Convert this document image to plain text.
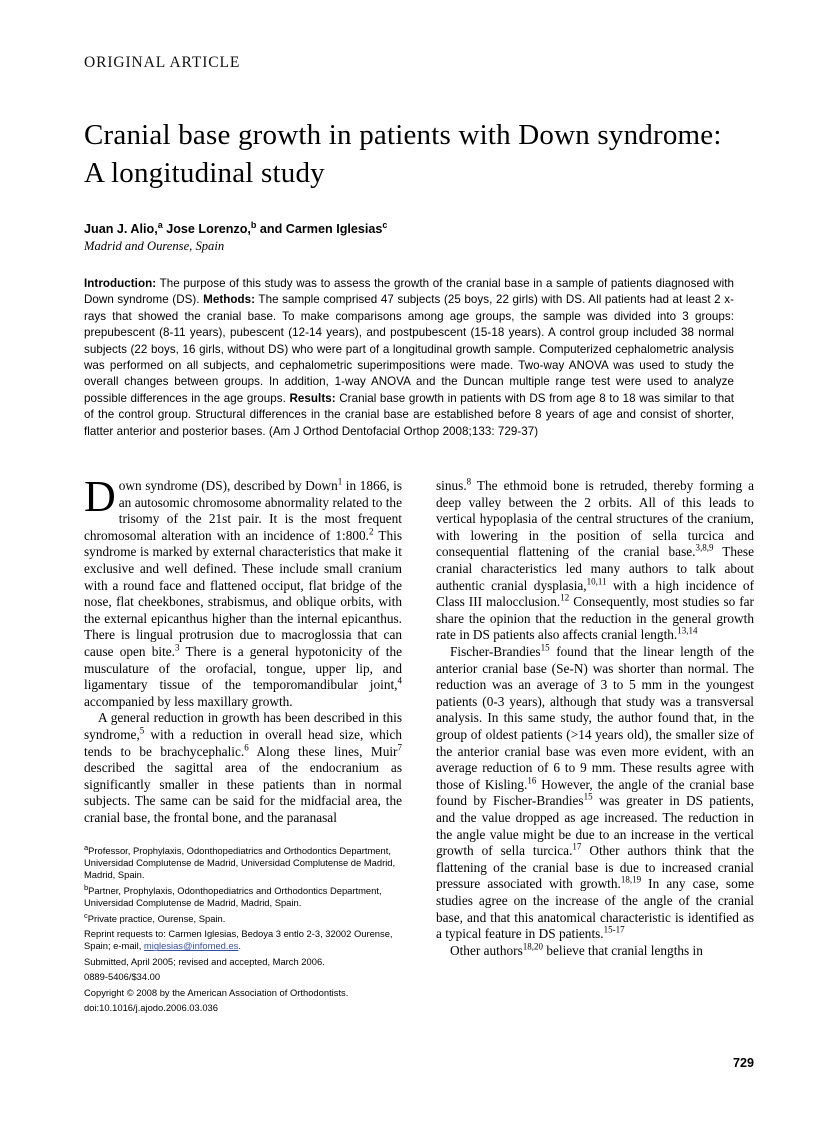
ORIGINAL ARTICLE
Cranial base growth in patients with Down syndrome: A longitudinal study
Juan J. Alio,$^a$ Jose Lorenzo,$^b$ and Carmen Iglesias$^c$
Madrid and Ourense, Spain
Introduction: The purpose of this study was to assess the growth of the cranial base in a sample of patients diagnosed with Down syndrome (DS). Methods: The sample comprised 47 subjects (25 boys, 22 girls) with DS. All patients had at least 2 x-rays that showed the cranial base. To make comparisons among age groups, the sample was divided into 3 groups: prepubescent (8-11 years), pubescent (12-14 years), and postpubescent (15-18 years). A control group included 38 normal subjects (22 boys, 16 girls, without DS) who were part of a longitudinal growth sample. Computerized cephalometric analysis was performed on all subjects, and cephalometric superimpositions were made. Two-way ANOVA was used to study the overall changes between groups. In addition, 1-way ANOVA and the Duncan multiple range test were used to analyze possible differences in the age groups. Results: Cranial base growth in patients with DS from age 8 to 18 was similar to that of the control group. Structural differences in the cranial base are established before 8 years of age and consist of shorter, flatter anterior and posterior bases. (Am J Orthod Dentofacial Orthop 2008;133: 729-37)

Down syndrome (DS), described by Down$^1$ in 1866, is an autosomic chromosome abnormality related to the trisomy of the 21st pair. It is the most frequent chromosomal alteration with an incidence of 1:800.$^2$ This syndrome is marked by external characteristics that make it exclusive and well defined. These include small cranium with a round face and flattened occiput, flat bridge of the nose, flat cheekbones, strabismus, and oblique orbits, with the external epicanthus higher than the internal epicanthus. There is lingual protrusion due to macroglossia that can cause open bite.$^3$ There is a general hypotonicity of the musculature of the orofacial, tongue, upper lip, and ligamentary tissue of the temporomandibular joint,$^4$ accompanied by less maxillary growth.

A general reduction in growth has been described in this syndrome,$^5$ with a reduction in overall head size, which tends to be brachycephalic.$^6$ Along these lines, Muir$^7$ described the sagittal area of the endocranium as significantly smaller in these patients than in normal subjects. The same can be said for the midfacial area, the cranial base, the frontal bone, and the paranasal

$^a$Professor, Prophylaxis, Odonthopediatrics and Orthodontics Department, Universidad Complutense de Madrid, Universidad Complutense de Madrid, Madrid, Spain.

$^b$Partner, Prophylaxis, Odonthopediatrics and Orthodontics Department, Universidad Complutense de Madrid, Madrid, Spain.

$^c$Private practice, Ourense, Spain.

Reprint requests to: Carmen Iglesias, Bedoya 3 entlo 2-3, 32002 Ourense, Spain; e-mail, miglesias@infomed.es.

Submitted, April 2005; revised and accepted, March 2006.

0889-5406/$34.00

Copyright © 2008 by the American Association of Orthodontists.

doi:10.1016/j.ajodo.2006.03.036

sinus.$^8$ The ethmoid bone is retruded, thereby forming a deep valley between the 2 orbits. All of this leads to vertical hypoplasia of the central structures of the cranium, with lowering in the position of sella turcica and consequential flattening of the cranial base.$^{3,8,9}$ These cranial characteristics led many authors to talk about authentic cranial dysplasia,$^{10,11}$ with a high incidence of Class III malocclusion.$^{12}$ Consequently, most studies so far share the opinion that the reduction in the general growth rate in DS patients also affects cranial length.$^{13,14}$

Fischer-Brandies$^{15}$ found that the linear length of the anterior cranial base (Se-N) was shorter than normal. The reduction was an average of 3 to 5 mm in the youngest patients (0-3 years), although that study was a transversal analysis. In this same study, the author found that, in the group of oldest patients (>14 years old), the smaller size of the anterior cranial base was even more evident, with an average reduction of 6 to 9 mm. These results agree with those of Kisling.$^{16}$ However, the angle of the cranial base found by Fischer-Brandies$^{15}$ was greater in DS patients, and the value dropped as age increased. The reduction in the angle value might be due to an increase in the vertical growth of sella turcica.$^{17}$ Other authors think that the flattening of the cranial base is due to increased cranial pressure associated with growth.$^{18,19}$ In any case, some studies agree on the increase of the angle of the cranial base, and that this anatomical characteristic is identified as a typical feature in DS patients.$^{15-17}$

Other authors$^{18,20}$ believe that cranial lengths in

729
